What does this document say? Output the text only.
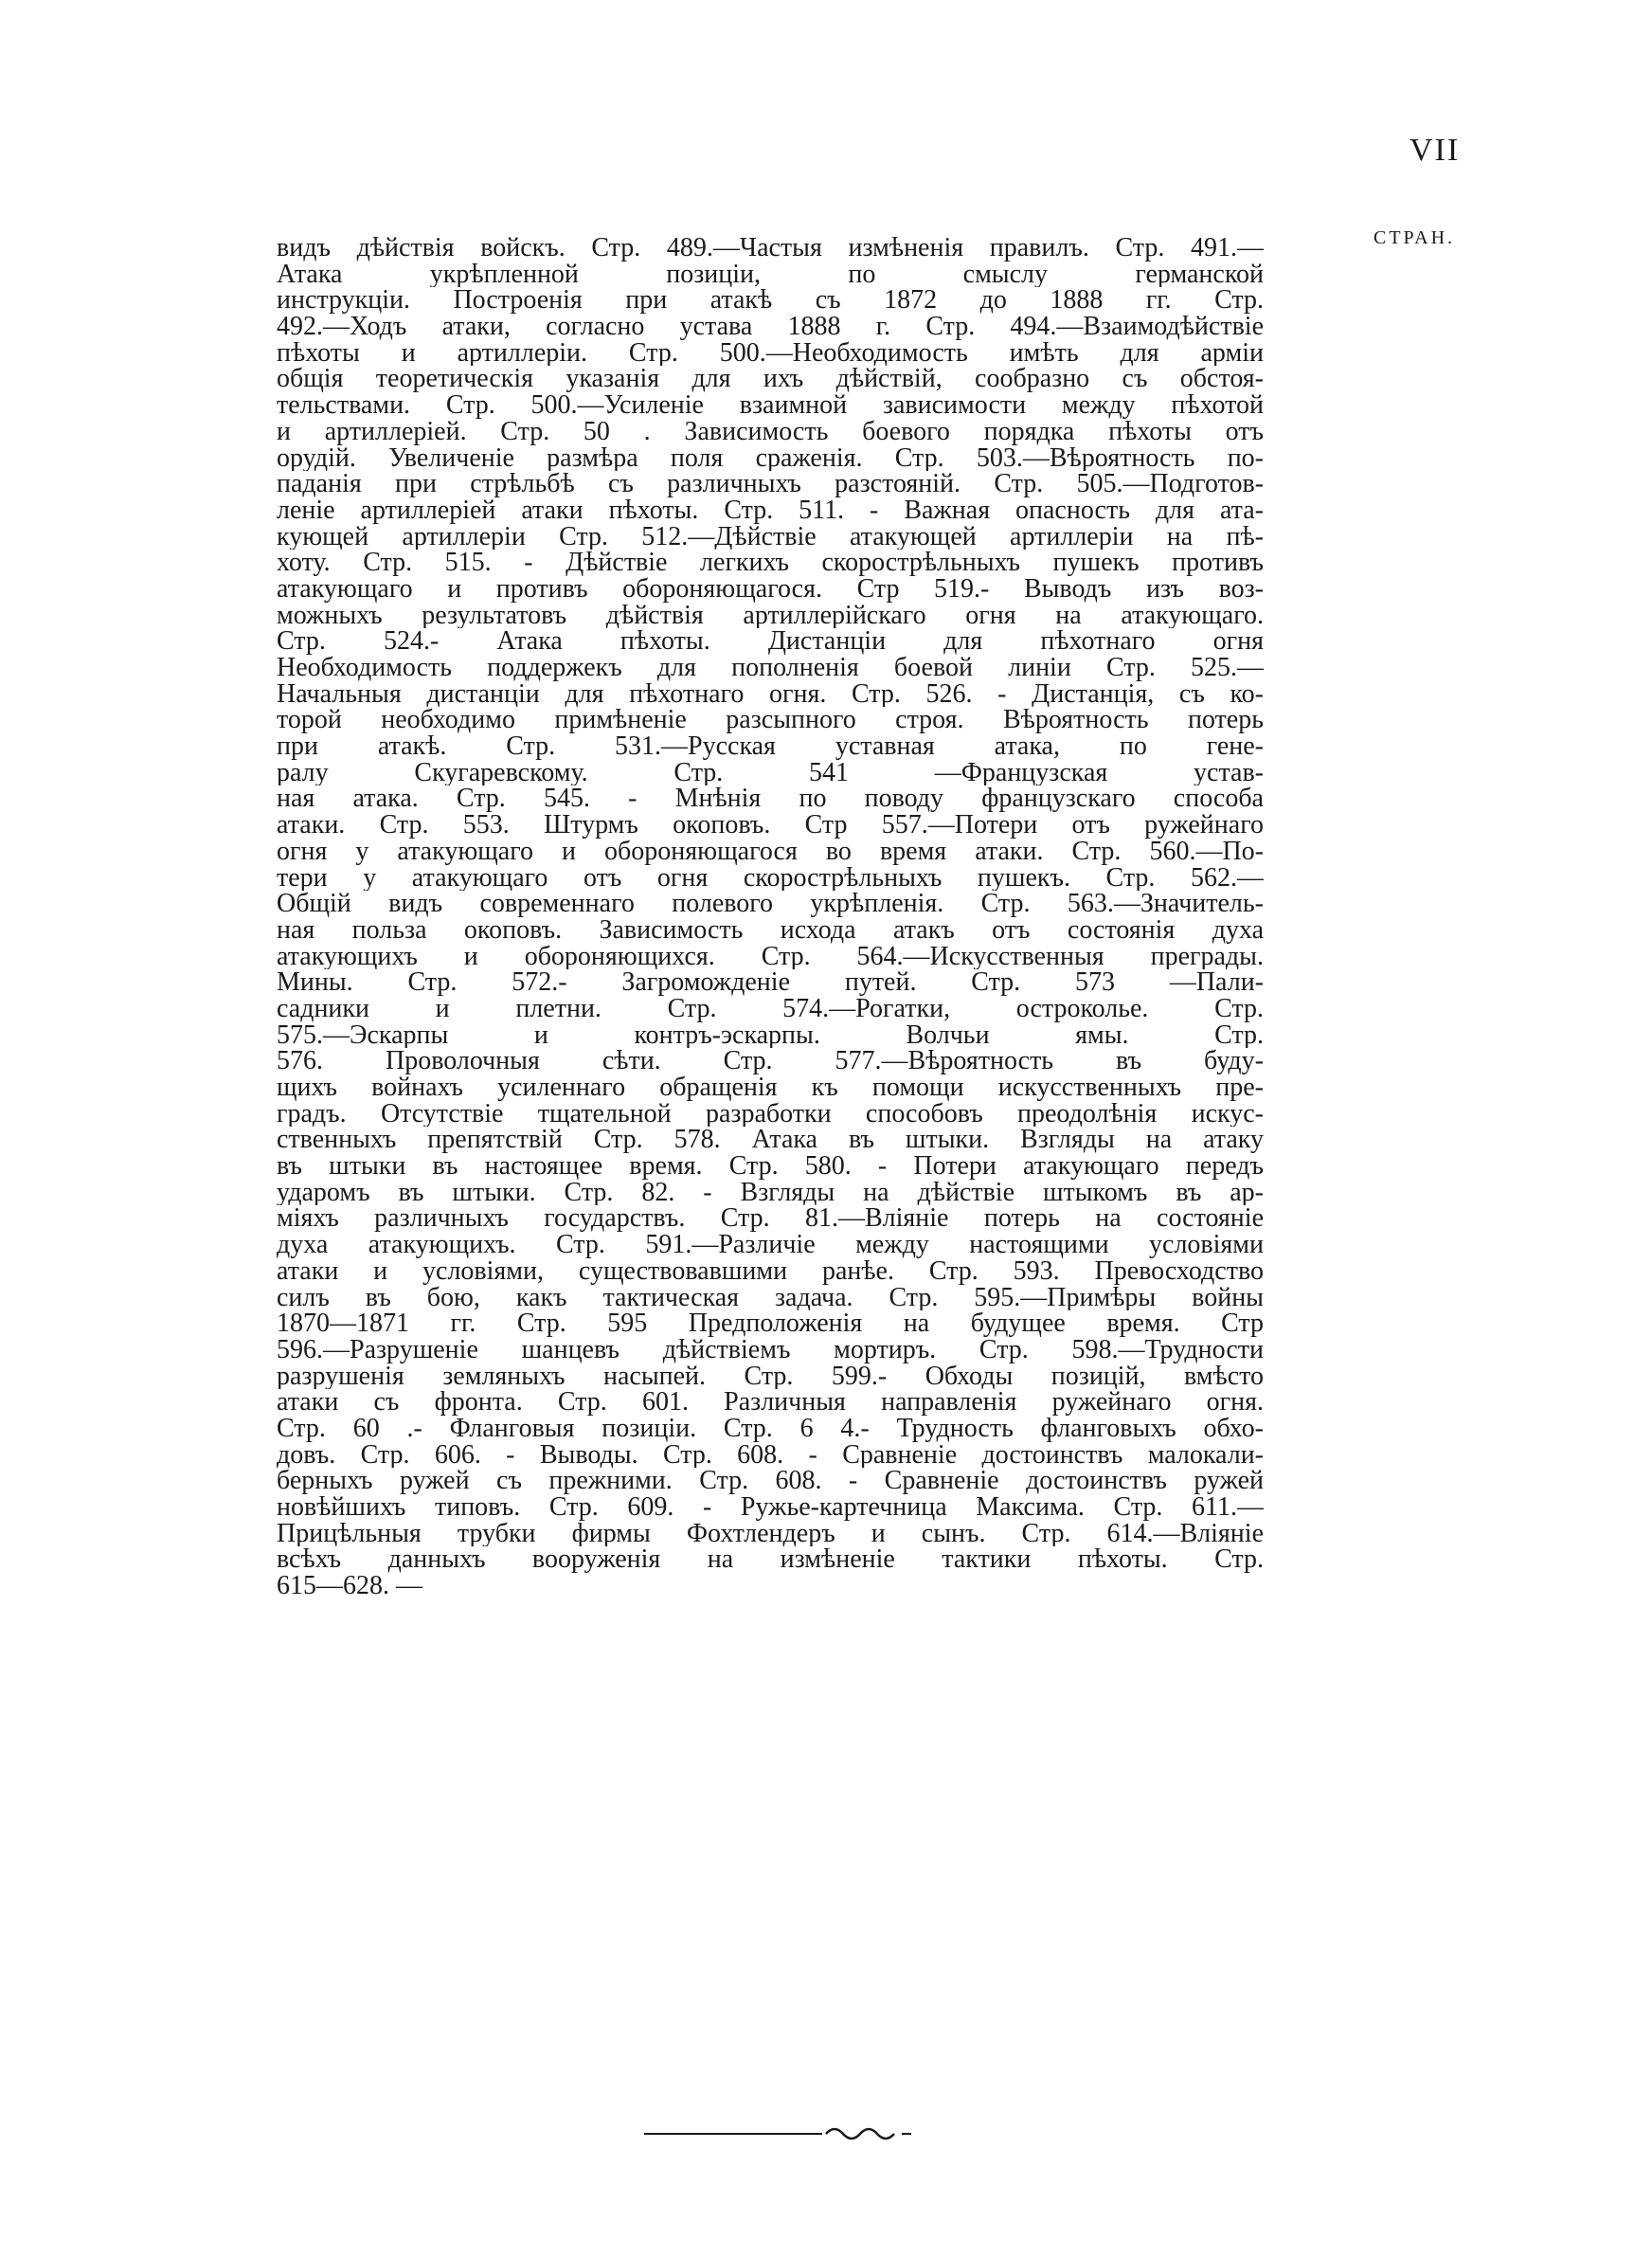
VII
СТРАН.
видъ дѣйствія войскъ. Стр. 489.—Частыя измѣненія правилъ. Стр. 491.—
Атака укрѣпленной позиціи, по смыслу германской
инструкціи. Построенія при атакѣ съ 1872 до 1888 гг. Стр.
492.—Ходъ атаки, согласно устава 1888 г. Стр. 494.—Взаимодѣйствіе
пѣхоты и артиллеріи. Стр. 500.—Необходимость имѣть для арміи
общія теоретическія указанія для ихъ дѣйствій, сообразно съ обстоя-
тельствами. Стр. 500.—Усиленіе взаимной зависимости между пѣхотой
и артиллеріей. Стр. 50 . Зависимость боевого порядка пѣхоты отъ
орудій. Увеличеніе размѣра поля сраженія. Стр. 503.—Вѣроятность по-
паданія при стрѣльбѣ съ различныхъ разстояній. Стр. 505.—Подготов-
леніе артиллеріей атаки пѣхоты. Стр. 511. - Важная опасность для ата-
кующей артиллеріи Стр. 512.—Дѣйствіе атакующей артиллеріи на пѣ-
хоту. Стр. 515. - Дѣйствіе легкихъ скорострѣльныхъ пушекъ противъ
атакующаго и противъ обороняющагося. Стр 519.- Выводъ изъ воз-
можныхъ результатовъ дѣйствія артиллерійскаго огня на атакующаго.
Стр. 524.- Атака пѣхоты. Дистанціи для пѣхотнаго огня
Необходимость поддержекъ для пополненія боевой линіи Стр. 525.—
Начальныя дистанціи для пѣхотнаго огня. Стр. 526. - Дистанція, съ ко-
торой необходимо примѣненіе разсыпного строя. Вѣроятность потерь
при атакѣ. Стр. 531.—Русская уставная атака, по гене-
ралу Скугаревскому. Стр. 541 —Французская устав-
ная атака. Стр. 545. - Мнѣнія по поводу французскаго способа
атаки. Стр. 553. Штурмъ окоповъ. Стр 557.—Потери отъ ружейнаго
огня у атакующаго и обороняющагося во время атаки. Стр. 560.—По-
тери у атакующаго отъ огня скорострѣльныхъ пушекъ. Стр. 562.—
Общій видъ современнаго полевого укрѣпленія. Стр. 563.—Значитель-
ная польза окоповъ. Зависимость исхода атакъ отъ состоянія духа
атакующихъ и обороняющихся. Стр. 564.—Искусственныя преграды.
Мины. Стр. 572.- Загроможденіе путей. Стр. 573 —Пали-
садники и плетни. Стр. 574.—Рогатки, остроколье. Стр.
575.—Эскарпы и контръ-эскарпы. Волчьи ямы. Стр.
576. Проволочныя сѣти. Стр. 577.—Вѣроятность въ буду-
щихъ войнахъ усиленнаго обращенія къ помощи искусственныхъ пре-
градъ. Отсутствіе тщательной разработки способовъ преодолѣнія искус-
ственныхъ препятствій Стр. 578. Атака въ штыки. Взгляды на атаку
въ штыки въ настоящее время. Стр. 580. - Потери атакующаго передъ
ударомъ въ штыки. Стр. 82. - Взгляды на дѣйствіе штыкомъ въ ар-
міяхъ различныхъ государствъ. Стр. 81.—Вліяніе потерь на состояніе
духа атакующихъ. Стр. 591.—Различіе между настоящими условіями
атаки и условіями, существовавшими ранѣе. Стр. 593. Превосходство
силъ въ бою, какъ тактическая задача. Стр. 595.—Примѣры войны
1870—1871 гг. Стр. 595 Предположенія на будущее время. Стр
596.—Разрушеніе шанцевъ дѣйствіемъ мортиръ. Стр. 598.—Трудности
разрушенія земляныхъ насыпей. Стр. 599.- Обходы позицій, вмѣсто
атаки съ фронта. Стр. 601. Различныя направленія ружейнаго огня.
Стр. 60 .- Фланговыя позиціи. Стр. 6 4.- Трудность фланговыхъ обхо-
довъ. Стр. 606. - Выводы. Стр. 608. - Сравненіе достоинствъ малокали-
берныхъ ружей съ прежними. Стр. 608. - Сравненіе достоинствъ ружей
новѣйшихъ типовъ. Стр. 609. - Ружье-картечница Максима. Стр. 611.—
Прицѣльныя трубки фирмы Фохтлендеръ и сынъ. Стр. 614.—Вліяніе
всѣхъ данныхъ вооруженія на измѣненіе тактики пѣхоты. Стр.
615—628. —
